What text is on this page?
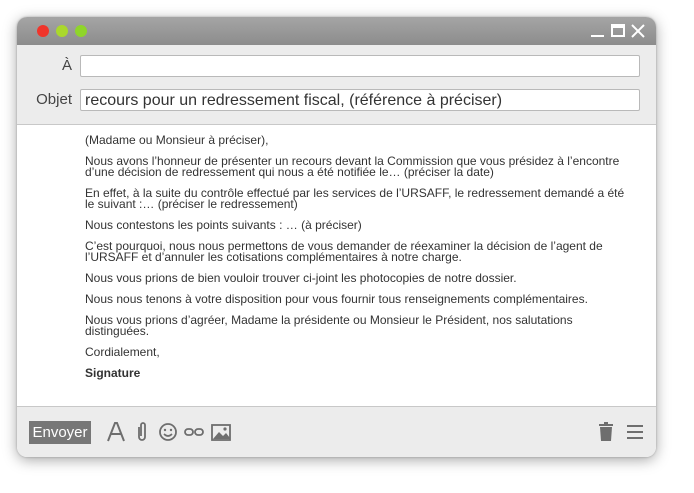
À
Objet recours pour un redressement fiscal, (référence à préciser)

(Madame ou Monsieur à préciser),

Nous avons l’honneur de présenter un recours devant la Commission que vous présidez à l’encontre d’une décision de redressement qui nous a été notifiée le… (préciser la date)

En effet, à la suite du contrôle effectué par les services de l’URSAFF, le redressement demandé a été le suivant :… (préciser le redressement)

Nous contestons les points suivants : … (à préciser)

C’est pourquoi, nous nous permettons de vous demander de réexaminer la décision de l’agent de l’URSAFF et d’annuler les cotisations complémentaires à notre charge.

Nous vous prions de bien vouloir trouver ci-joint les photocopies de notre dossier.

Nous nous tenons à votre disposition pour vous fournir tous renseignements complémentaires.

Nous vous prions d’agréer, Madame la présidente ou Monsieur le Président, nos salutations distinguées.

Cordialement,

Signature

Envoyer
